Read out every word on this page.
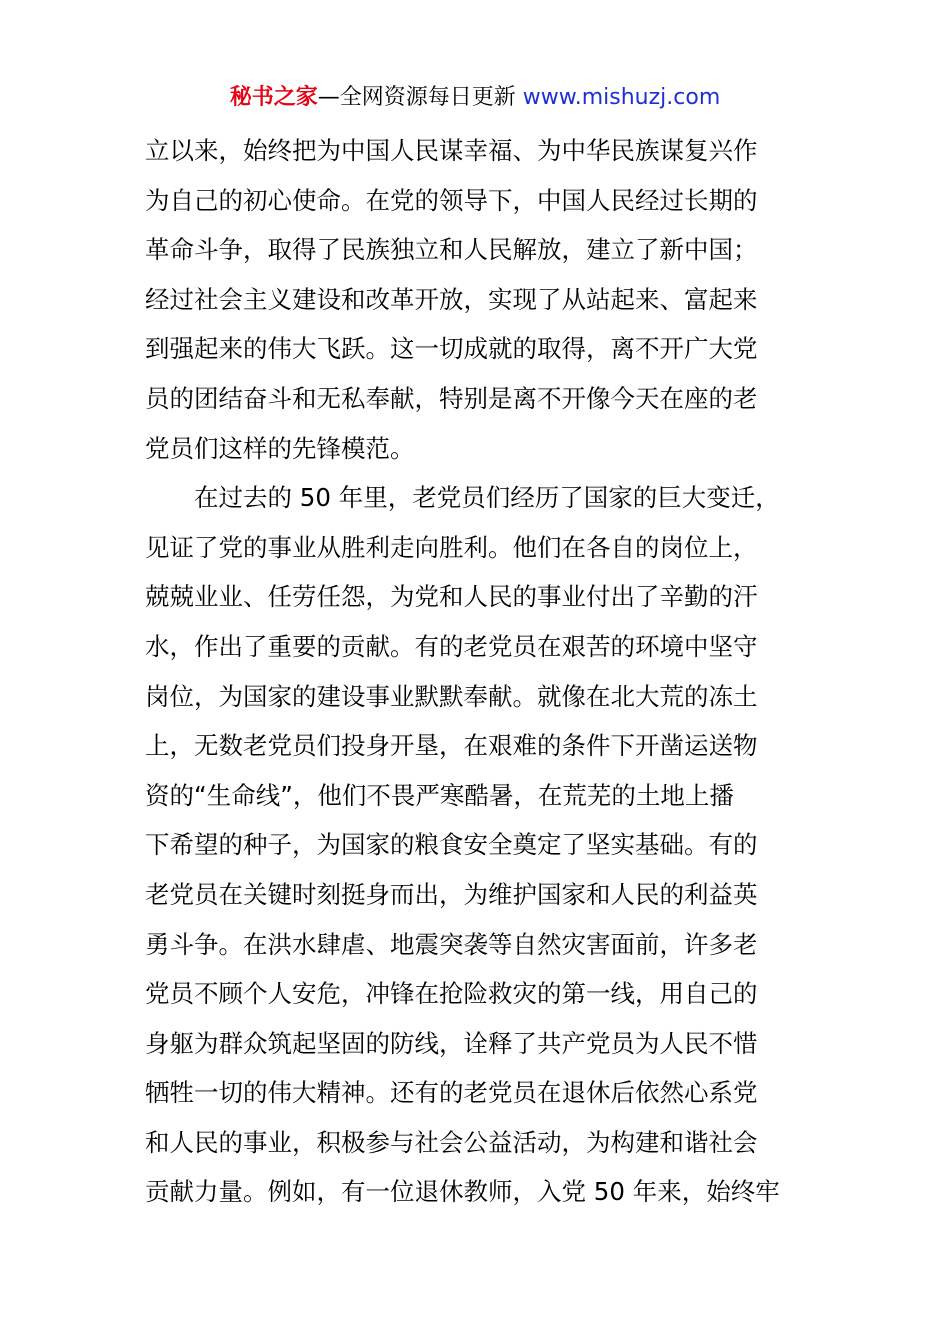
秘书之家—全网资源每日更新 www.mishuzj.com
立以来，始终把为中国人民谋幸福、为中华民族谋复兴作
为自己的初心使命。在党的领导下，中国人民经过长期的
革命斗争，取得了民族独立和人民解放，建立了新中国；
经过社会主义建设和改革开放，实现了从站起来、富起来
到强起来的伟大飞跃。这一切成就的取得，离不开广大党
员的团结奋斗和无私奉献，特别是离不开像今天在座的老
党员们这样的先锋模范。
　　在过去的 50 年里，老党员们经历了国家的巨大变迁，
见证了党的事业从胜利走向胜利。他们在各自的岗位上，
兢兢业业、任劳任怨，为党和人民的事业付出了辛勤的汗
水，作出了重要的贡献。有的老党员在艰苦的环境中坚守
岗位，为国家的建设事业默默奉献。就像在北大荒的冻土
上，无数老党员们投身开垦，在艰难的条件下开凿运送物
资的“生命线”，他们不畏严寒酷暑，在荒芜的土地上播
下希望的种子，为国家的粮食安全奠定了坚实基础。有的
老党员在关键时刻挺身而出，为维护国家和人民的利益英
勇斗争。在洪水肆虐、地震突袭等自然灾害面前，许多老
党员不顾个人安危，冲锋在抢险救灾的第一线，用自己的
身躯为群众筑起坚固的防线，诠释了共产党员为人民不惜
牺牲一切的伟大精神。还有的老党员在退休后依然心系党
和人民的事业，积极参与社会公益活动，为构建和谐社会
贡献力量。例如，有一位退休教师，入党 50 年来，始终牢
